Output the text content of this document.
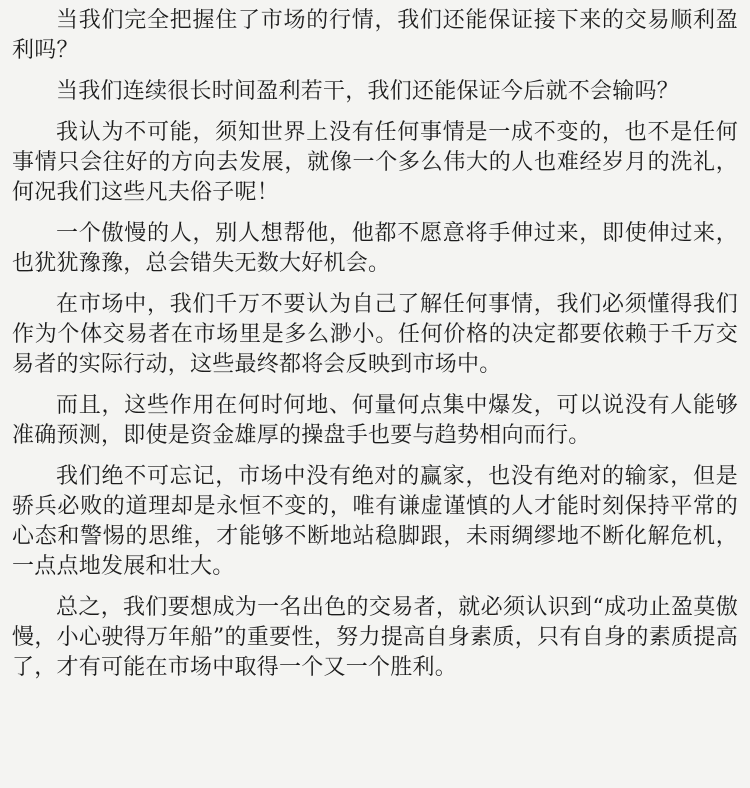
当我们完全把握住了市场的行情，我们还能保证接下来的交易顺利盈利吗？

当我们连续很长时间盈利若干，我们还能保证今后就不会输吗？

我认为不可能，须知世界上没有任何事情是一成不变的，也不是任何事情只会往好的方向去发展，就像一个多么伟大的人也难经岁月的洗礼，何况我们这些凡夫俗子呢！

一个傲慢的人，别人想帮他，他都不愿意将手伸过来，即使伸过来，也犹犹豫豫，总会错失无数大好机会。

在市场中，我们千万不要认为自己了解任何事情，我们必须懂得我们作为个体交易者在市场里是多么渺小。任何价格的决定都要依赖于千万交易者的实际行动，这些最终都将会反映到市场中。

而且，这些作用在何时何地、何量何点集中爆发，可以说没有人能够准确预测，即使是资金雄厚的操盘手也要与趋势相向而行。

我们绝不可忘记，市场中没有绝对的赢家，也没有绝对的输家，但是骄兵必败的道理却是永恒不变的，唯有谦虚谨慎的人才能时刻保持平常的心态和警惕的思维，才能够不断地站稳脚跟，未雨绸缪地不断化解危机，一点点地发展和壮大。

总之，我们要想成为一名出色的交易者，就必须认识到“成功止盈莫傲慢，小心驶得万年船”的重要性，努力提高自身素质，只有自身的素质提高了，才有可能在市场中取得一个又一个胜利。
